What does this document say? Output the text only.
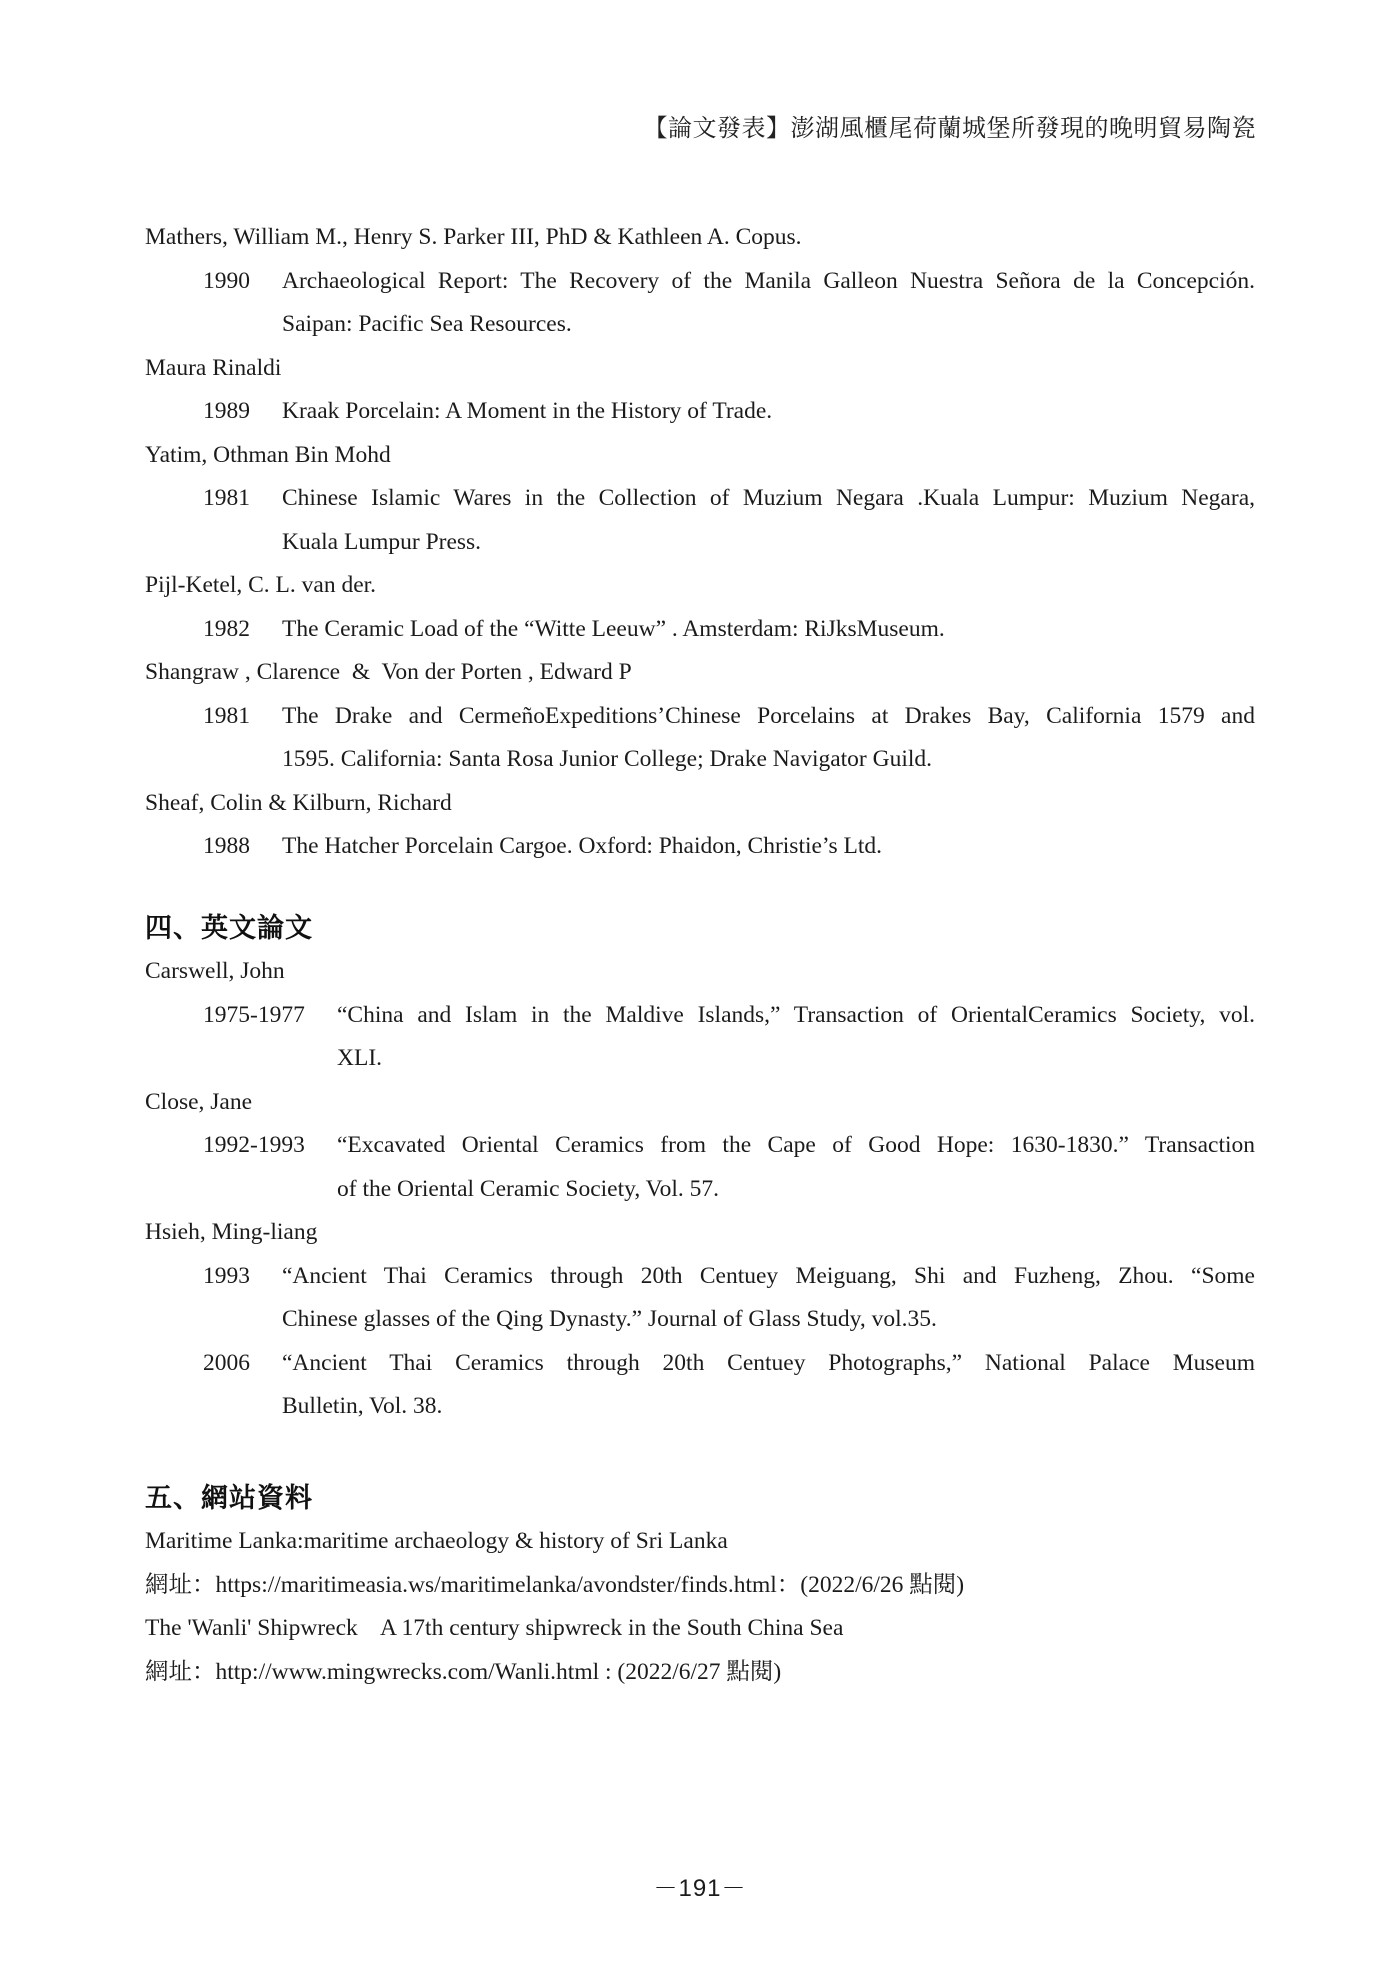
【論文發表】澎湖風櫃尾荷蘭城堡所發現的晚明貿易陶瓷

Mathers, William M., Henry S. Parker III, PhD & Kathleen A. Copus.

1990 Archaeological Report: The Recovery of the Manila Galleon Nuestra Señora de la Concepción.

Saipan: Pacific Sea Resources.

Maura Rinaldi

1989 Kraak Porcelain: A Moment in the History of Trade.

Yatim, Othman Bin Mohd

1981 Chinese Islamic Wares in the Collection of Muzium Negara .Kuala Lumpur: Muzium Negara,

Kuala Lumpur Press.

Pijl-Ketel, C. L. van der.

1982 The Ceramic Load of the “Witte Leeuw” . Amsterdam: RiJksMuseum.

Shangraw , Clarence  &  Von der Porten , Edward P

1981 The Drake and CermeñoExpeditions’Chinese Porcelains at Drakes Bay, California 1579 and

1595. California: Santa Rosa Junior College; Drake Navigator Guild.

Sheaf, Colin & Kilburn, Richard

1988 The Hatcher Porcelain Cargoe. Oxford: Phaidon, Christie’s Ltd.

四、英文論文

Carswell, John

1975-1977 “China and Islam in the Maldive Islands,” Transaction of OrientalCeramics Society, vol.

XLI.

Close, Jane

1992-1993 “Excavated Oriental Ceramics from the Cape of Good Hope: 1630-1830.” Transaction

of the Oriental Ceramic Society, Vol. 57.

Hsieh, Ming-liang

1993 “Ancient Thai Ceramics through 20th Centuey Meiguang, Shi and Fuzheng, Zhou. “Some

Chinese glasses of the Qing Dynasty.” Journal of Glass Study, vol.35.

2006 “Ancient Thai Ceramics through 20th Centuey Photographs,” National Palace Museum

Bulletin, Vol. 38.

五、網站資料

Maritime Lanka:maritime archaeology & history of Sri Lanka

網址：https://maritimeasia.ws/maritimelanka/avondster/finds.html：(2022/6/26 點閱)

The 'Wanli' Shipwreck    A 17th century shipwreck in the South China Sea

網址：http://www.mingwrecks.com/Wanli.html : (2022/6/27 點閱)

－191－
